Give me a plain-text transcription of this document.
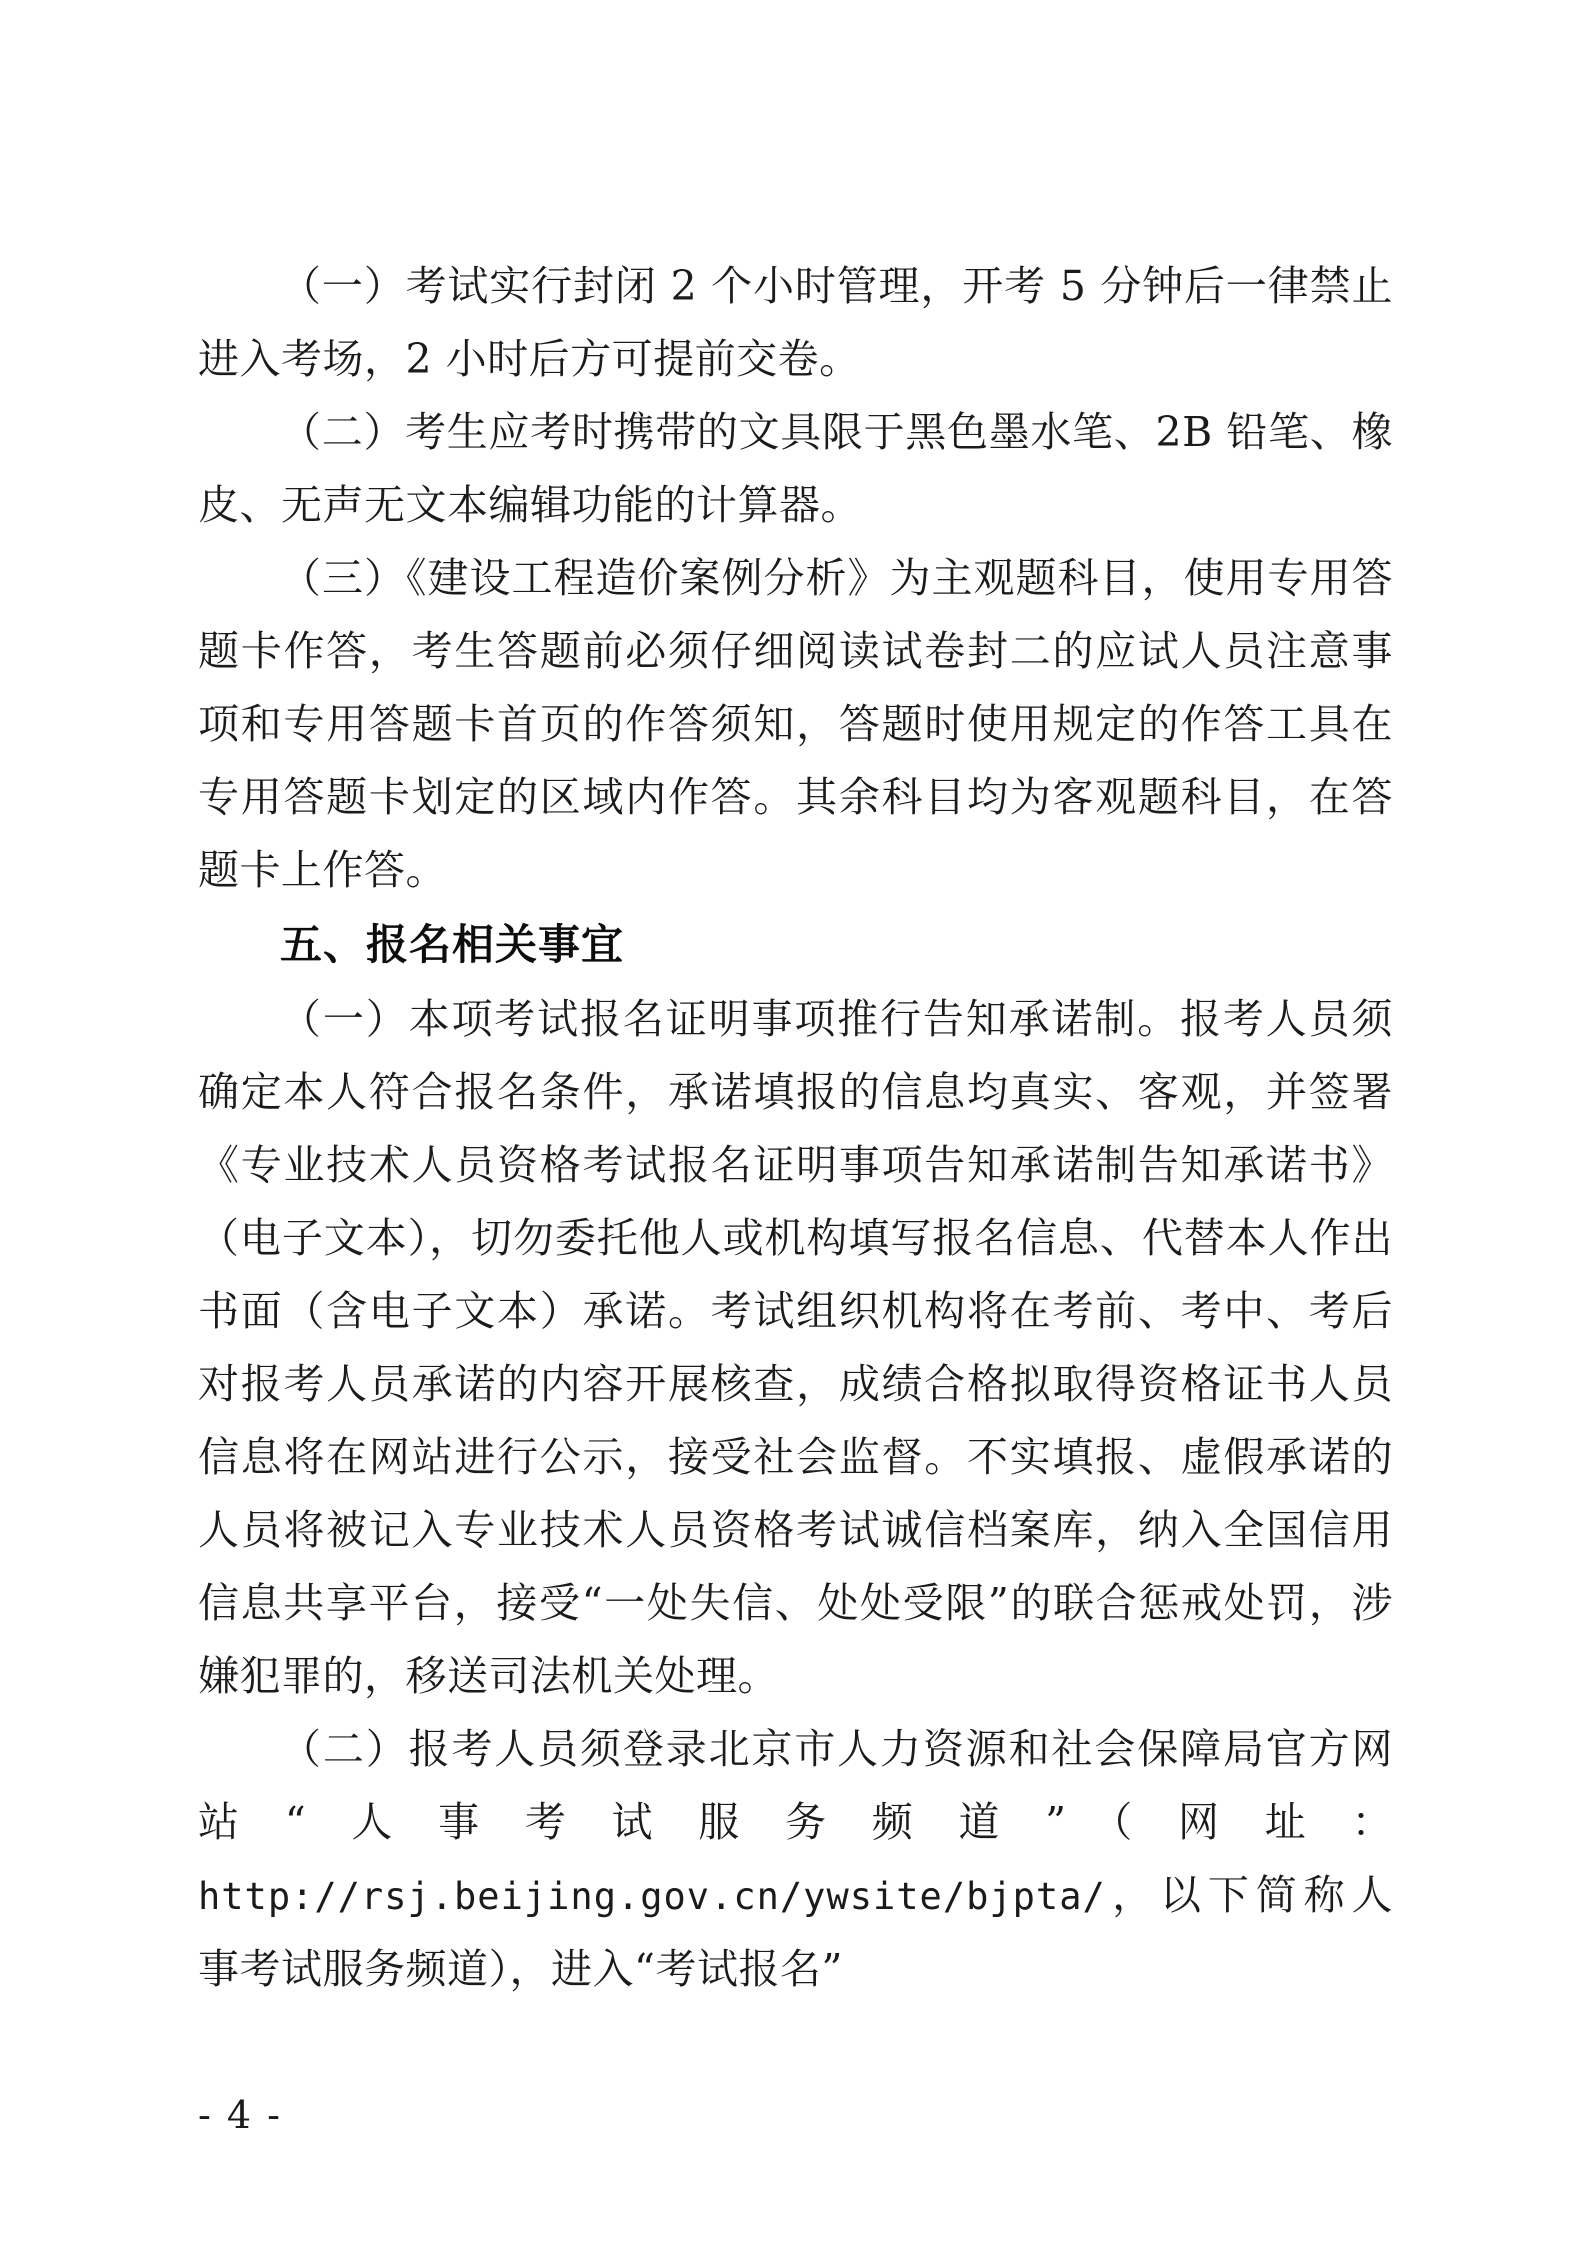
（一）考试实行封闭 2 个小时管理，开考 5 分钟后一律禁止进入考场，2 小时后方可提前交卷。

（二）考生应考时携带的文具限于黑色墨水笔、2B 铅笔、橡皮、无声无文本编辑功能的计算器。

（三）《建设工程造价案例分析》为主观题科目，使用专用答题卡作答，考生答题前必须仔细阅读试卷封二的应试人员注意事项和专用答题卡首页的作答须知，答题时使用规定的作答工具在专用答题卡划定的区域内作答。其余科目均为客观题科目，在答题卡上作答。

五、报名相关事宜

（一）本项考试报名证明事项推行告知承诺制。报考人员须确定本人符合报名条件，承诺填报的信息均真实、客观，并签署《专业技术人员资格考试报名证明事项告知承诺制告知承诺书》（电子文本），切勿委托他人或机构填写报名信息、代替本人作出书面（含电子文本）承诺。考试组织机构将在考前、考中、考后对报考人员承诺的内容开展核查，成绩合格拟取得资格证书人员信息将在网站进行公示，接受社会监督。不实填报、虚假承诺的人员将被记入专业技术人员资格考试诚信档案库，纳入全国信用信息共享平台，接受“一处失信、处处受限”的联合惩戒处罚，涉嫌犯罪的，移送司法机关处理。

（二）报考人员须登录北京市人力资源和社会保障局官方网站“人事考试服务频道”（网址：http://rsj.beijing.gov.cn/ywsite/bjpta/，以下简称人事考试服务频道），进入“考试报名”

- 4 -
